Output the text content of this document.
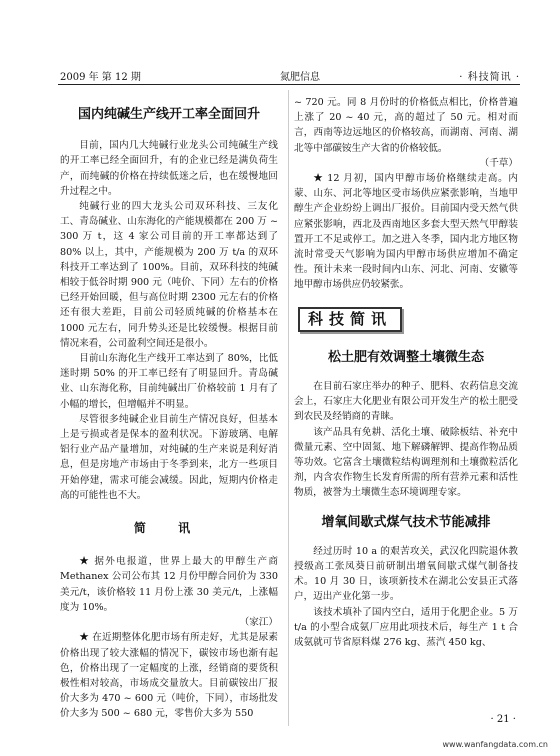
2009 年 第 12 期	氮肥信息	· 科技简讯 ·
国内纯碱生产线开工率全面回升

目前，国内几大纯碱行业龙头公司纯碱生产线的开工率已经全面回升，有的企业已经是满负荷生产，而纯碱的价格在持续低迷之后，也在缓慢地回升过程之中。

纯碱行业的四大龙头公司双环科技、三友化工、青岛碱业、山东海化的产能规模都在 200 万 ~ 300 万 t，这 4 家公司目前的开工率都达到了 80% 以上，其中，产能规模为 200 万 t/a 的双环科技开工率达到了 100%。目前，双环科技的纯碱相较于低谷时期 900 元（吨价、下同）左右的价格已经开始回暖，但与高位时期 2300 元左右的价格还有很大差距，目前公司轻质纯碱的价格基本在 1000 元左右，同升势头还是比较缓慢。根据目前情况来看，公司盈利空间还是很小。

目前山东海化生产线开工率达到了 80%，比低迷时期 50% 的开工率已经有了明显回升。青岛碱业、山东海化称，目前纯碱出厂价格较前 1 月有了小幅的增长，但增幅并不明显。

尽管很多纯碱企业目前生产情况良好，但基本上是亏损或者是保本的盈利状况。下游玻璃、电解铝行业产品产量增加，对纯碱的生产来说是利好消息，但是房地产市场由于冬季到来，北方一些项目开始停建，需求可能会减缓。因此，短期内价格走高的可能性也不大。

简 讯

★ 据外电报道，世界上最大的甲醇生产商 Methanex 公司公布其 12 月份甲醇合同价为 330 美元/t，该价格较 11 月份上涨 30 美元/t，上涨幅度为 10%。

（家江）

★ 在近期整体化肥市场有所走好，尤其是尿素价格出现了较大涨幅的情况下，碳铵市场也渐有起色，价格出现了一定幅度的上涨，经销商的要货积极性相对较高，市场成交量放大。目前碳铵出厂报价大多为 470 ~ 600 元（吨价，下同），市场批发价大多为 500 ~ 680 元，零售价大多为 550

~ 720 元。同 8 月份时的价格低点相比，价格普遍上涨了 20 ~ 40 元，高的超过了 50 元。相对而言，西南等边远地区的价格较高，而湖南、河南、湖北等中部碳铵生产大省的价格较低。

（千草）

★ 12 月初，国内甲醇市场价格继续走高。内蒙、山东、河北等地区受市场供应紧张影响，当地甲醇生产企业纷纷上调出厂报价。目前国内受天然气供应紧张影响，西北及西南地区多套大型天然气甲醇装置开工不足或停工。加之进入冬季，国内北方地区物流时常受天气影响为国内甲醇市场供应增加不确定性。预计未来一段时间内山东、河北、河南、安徽等地甲醇市场供应仍较紧张。

科技简讯
松土肥有效调整土壤微生态

在目前石家庄举办的种子、肥料、农药信息交流会上，石家庄大化肥业有限公司开发生产的松土肥受到农民及经销商的青睐。

该产品具有免耕、活化土壤、破除板结、补充中微量元素、空中固氮、地下解磷解钾、提高作物品质等功效。它富含土壤微粒结构调理剂和土壤微粒活化剂，内含农作物生长发育所需的所有营养元素和活性物质，被誉为土壤微生态环境调理专家。

增氧间歇式煤气技术节能减排

经过历时 10 a 的艰苦攻关，武汉化四院退休教授级高工张凤葵日前研制出增氧间歇式煤气制备技术。10 月 30 日，该项新技术在湖北公安县正式落户，迈出产业化第一步。

该技术填补了国内空白，适用于化肥企业。5 万 t/a 的小型合成氨厂应用此项技术后，每生产 1 t 合成氨就可节省原料煤 276 kg、蒸汽 450 kg、

· 21 ·
www.wanfangdata.com.cn
